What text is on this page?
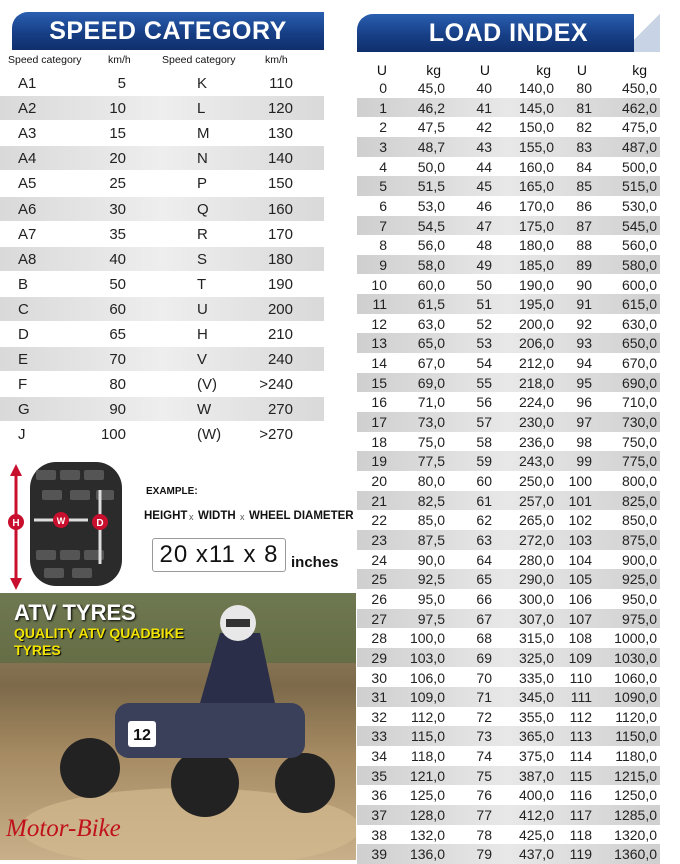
SPEED CATEGORY
Speed category	km/h	Speed category	km/h
A1	5	K	110
A2	10	L	120
A3	15	M	130
A4	20	N	140
A5	25	P	150
A6	30	Q	160
A7	35	R	170
A8	40	S	180
B	50	T	190
C	60	U	200
D	65	H	210
E	70	V	240
F	80	(V)	>240
G	90	W	270
J	100	(W)	>270
LOAD INDEX
U	kg	U	kg	U	kg
0	45,0	40	140,0	80	450,0
1	46,2	41	145,0	81	462,0
2	47,5	42	150,0	82	475,0
3	48,7	43	155,0	83	487,0
4	50,0	44	160,0	84	500,0
5	51,5	45	165,0	85	515,0
6	53,0	46	170,0	86	530,0
7	54,5	47	175,0	87	545,0
8	56,0	48	180,0	88	560,0
9	58,0	49	185,0	89	580,0
10	60,0	50	190,0	90	600,0
11	61,5	51	195,0	91	615,0
12	63,0	52	200,0	92	630,0
13	65,0	53	206,0	93	650,0
14	67,0	54	212,0	94	670,0
15	69,0	55	218,0	95	690,0
16	71,0	56	224,0	96	710,0
17	73,0	57	230,0	97	730,0
18	75,0	58	236,0	98	750,0
19	77,5	59	243,0	99	775,0
20	80,0	60	250,0	100	800,0
21	82,5	61	257,0	101	825,0
22	85,0	62	265,0	102	850,0
23	87,5	63	272,0	103	875,0
24	90,0	64	280,0	104	900,0
25	92,5	65	290,0	105	925,0
26	95,0	66	300,0	106	950,0
27	97,5	67	307,0	107	975,0
28	100,0	68	315,0	108	1000,0
29	103,0	69	325,0	109	1030,0
30	106,0	70	335,0	110	1060,0
31	109,0	71	345,0	111	1090,0
32	112,0	72	355,0	112	1120,0
33	115,0	73	365,0	113	1150,0
34	118,0	74	375,0	114	1180,0
35	121,0	75	387,0	115	1215,0
36	125,0	76	400,0	116	1250,0
37	128,0	77	412,0	117	1285,0
38	132,0	78	425,0	118	1320,0
39	136,0	79	437,0	119	1360,0
H	W	D
EXAMPLE:
HEIGHT x WIDTH x WHEEL DIAMETER
20 x11 x 8 inches
12
ATV TYRES
QUALITY ATV QUADBIKE
TYRES
Motor-Bike
